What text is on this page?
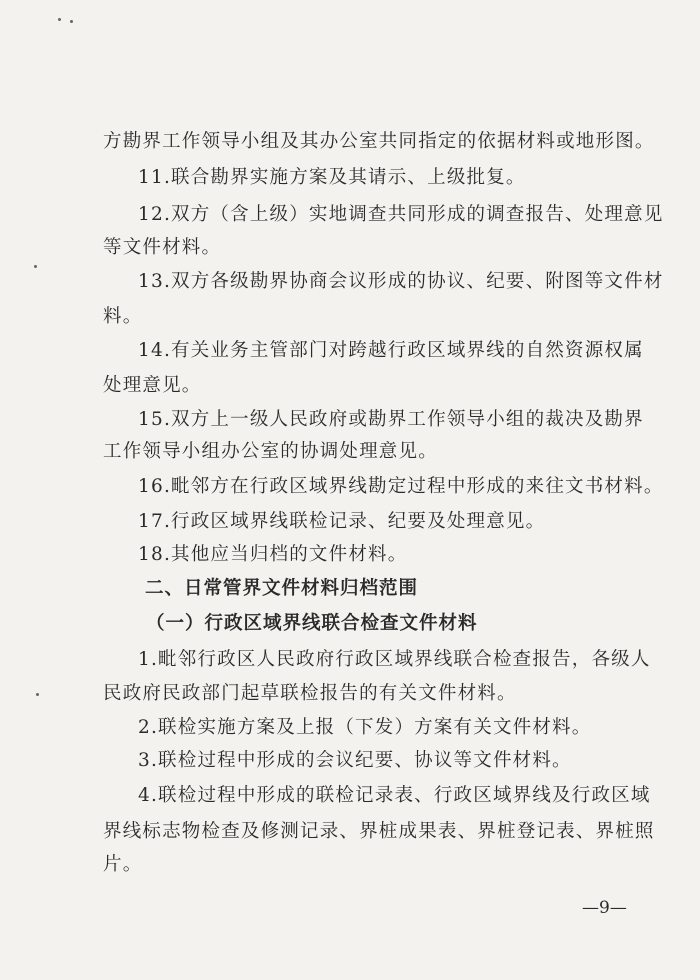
方勘界工作领导小组及其办公室共同指定的依据材料或地形图。
11.联合勘界实施方案及其请示、上级批复。
12.双方（含上级）实地调查共同形成的调查报告、处理意见
等文件材料。
13.双方各级勘界协商会议形成的协议、纪要、附图等文件材
料。
14.有关业务主管部门对跨越行政区域界线的自然资源权属
处理意见。
15.双方上一级人民政府或勘界工作领导小组的裁决及勘界
工作领导小组办公室的协调处理意见。
16.毗邻方在行政区域界线勘定过程中形成的来往文书材料。
17.行政区域界线联检记录、纪要及处理意见。
18.其他应当归档的文件材料。
二、日常管界文件材料归档范围
（一）行政区域界线联合检查文件材料
1.毗邻行政区人民政府行政区域界线联合检查报告，各级人
民政府民政部门起草联检报告的有关文件材料。
2.联检实施方案及上报（下发）方案有关文件材料。
3.联检过程中形成的会议纪要、协议等文件材料。
4.联检过程中形成的联检记录表、行政区域界线及行政区域
界线标志物检查及修测记录、界桩成果表、界桩登记表、界桩照
片。
—9—
